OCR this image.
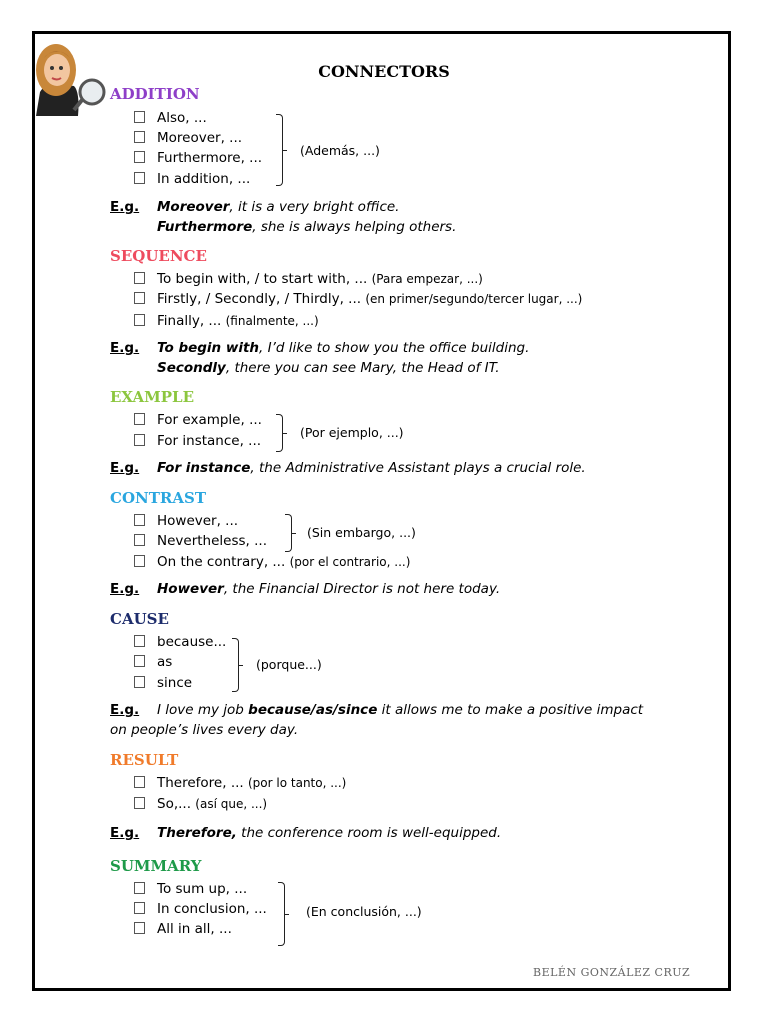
CONNECTORS
ADDITION
Also, ...
Moreover, ...
Furthermore, ...
In addition, ...
(Además, ...)
E.g. Moreover, it is a very bright office.
Furthermore, she is always helping others.
SEQUENCE
To begin with, / to start with, ... (Para empezar, ...)
Firstly, / Secondly, / Thirdly, ... (en primer/segundo/tercer lugar, ...)
Finally, ... (finalmente, ...)
E.g. To begin with, I’d like to show you the office building.
Secondly, there you can see Mary, the Head of IT.
EXAMPLE
For example, ...
For instance, ...
(Por ejemplo, ...)
E.g. For instance, the Administrative Assistant plays a crucial role.
CONTRAST
However, ...
Nevertheless, ...
(Sin embargo, ...)
On the contrary, ... (por el contrario, ...)
E.g. However, the Financial Director is not here today.
CAUSE
because...
as
since
(porque...)
E.g. I love my job because/as/since it allows me to make a positive impact
on people’s lives every day.
RESULT
Therefore, ... (por lo tanto, ...)
So,... (así que, ...)
E.g. Therefore, the conference room is well-equipped.
SUMMARY
To sum up, ...
In conclusion, ...
All in all, ...
(En conclusión, ...)
BELÉN GONZÁLEZ CRUZ
